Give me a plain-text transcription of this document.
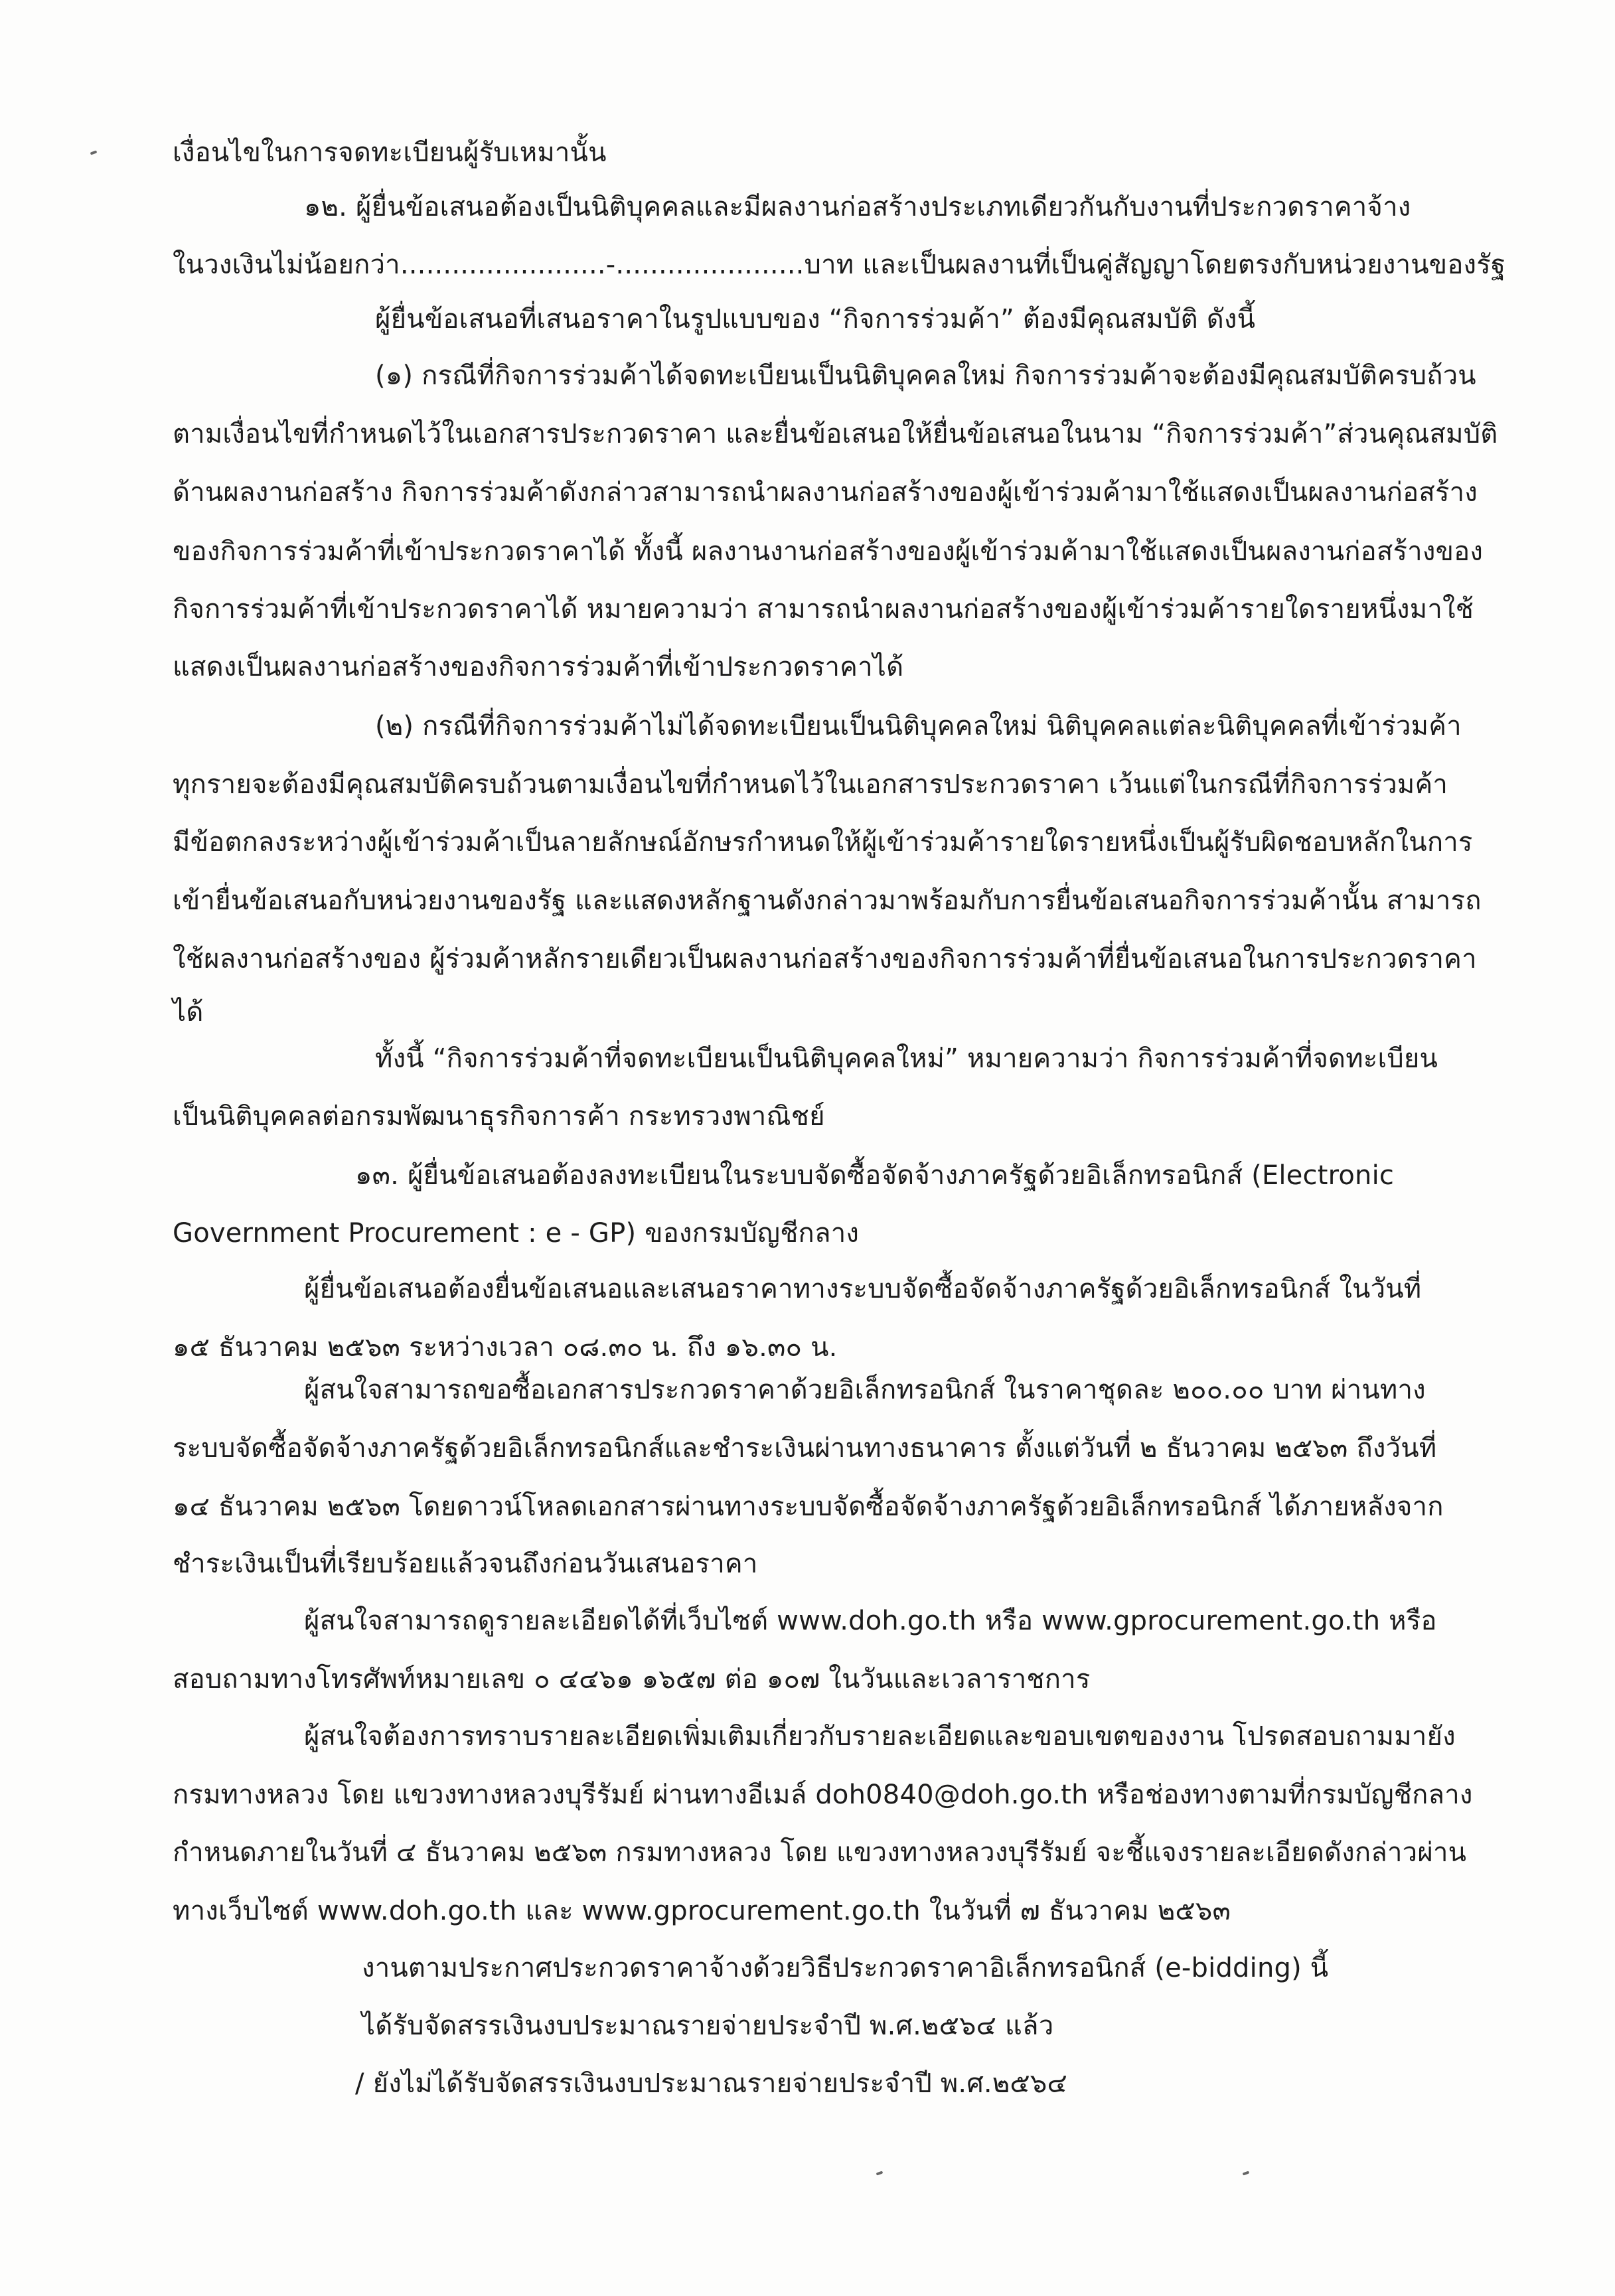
เงื่อนไขในการจดทะเบียนผู้รับเหมานั้น
๑๒. ผู้ยื่นข้อเสนอต้องเป็นนิติบุคคลและมีผลงานก่อสร้างประเภทเดียวกันกับงานที่ประกวดราคาจ้าง
ในวงเงินไม่น้อยกว่า........................-......................บาท และเป็นผลงานที่เป็นคู่สัญญาโดยตรงกับหน่วยงานของรัฐ
ผู้ยื่นข้อเสนอที่เสนอราคาในรูปแบบของ “กิจการร่วมค้า” ต้องมีคุณสมบัติ ดังนี้
(๑) กรณีที่กิจการร่วมค้าได้จดทะเบียนเป็นนิติบุคคลใหม่ กิจการร่วมค้าจะต้องมีคุณสมบัติครบถ้วน
ตามเงื่อนไขที่กำหนดไว้ในเอกสารประกวดราคา และยื่นข้อเสนอให้ยื่นข้อเสนอในนาม “กิจการร่วมค้า”ส่วนคุณสมบัติ
ด้านผลงานก่อสร้าง กิจการร่วมค้าดังกล่าวสามารถนำผลงานก่อสร้างของผู้เข้าร่วมค้ามาใช้แสดงเป็นผลงานก่อสร้าง
ของกิจการร่วมค้าที่เข้าประกวดราคาได้ ทั้งนี้ ผลงานงานก่อสร้างของผู้เข้าร่วมค้ามาใช้แสดงเป็นผลงานก่อสร้างของ
กิจการร่วมค้าที่เข้าประกวดราคาได้ หมายความว่า สามารถนำผลงานก่อสร้างของผู้เข้าร่วมค้ารายใดรายหนึ่งมาใช้
แสดงเป็นผลงานก่อสร้างของกิจการร่วมค้าที่เข้าประกวดราคาได้
(๒) กรณีที่กิจการร่วมค้าไม่ได้จดทะเบียนเป็นนิติบุคคลใหม่ นิติบุคคลแต่ละนิติบุคคลที่เข้าร่วมค้า
ทุกรายจะต้องมีคุณสมบัติครบถ้วนตามเงื่อนไขที่กำหนดไว้ในเอกสารประกวดราคา เว้นแต่ในกรณีที่กิจการร่วมค้า
มีข้อตกลงระหว่างผู้เข้าร่วมค้าเป็นลายลักษณ์อักษรกำหนดให้ผู้เข้าร่วมค้ารายใดรายหนึ่งเป็นผู้รับผิดชอบหลักในการ
เข้ายื่นข้อเสนอกับหน่วยงานของรัฐ และแสดงหลักฐานดังกล่าวมาพร้อมกับการยื่นข้อเสนอกิจการร่วมค้านั้น สามารถ
ใช้ผลงานก่อสร้างของ ผู้ร่วมค้าหลักรายเดียวเป็นผลงานก่อสร้างของกิจการร่วมค้าที่ยื่นข้อเสนอในการประกวดราคา
ได้
ทั้งนี้ “กิจการร่วมค้าที่จดทะเบียนเป็นนิติบุคคลใหม่” หมายความว่า กิจการร่วมค้าที่จดทะเบียน
เป็นนิติบุคคลต่อกรมพัฒนาธุรกิจการค้า กระทรวงพาณิชย์
๑๓. ผู้ยื่นข้อเสนอต้องลงทะเบียนในระบบจัดซื้อจัดจ้างภาครัฐด้วยอิเล็กทรอนิกส์ (Electronic
Government Procurement : e - GP) ของกรมบัญชีกลาง
ผู้ยื่นข้อเสนอต้องยื่นข้อเสนอและเสนอราคาทางระบบจัดซื้อจัดจ้างภาครัฐด้วยอิเล็กทรอนิกส์ ในวันที่
๑๕ ธันวาคม ๒๕๖๓ ระหว่างเวลา ๐๘.๓๐ น. ถึง ๑๖.๓๐ น.
ผู้สนใจสามารถขอซื้อเอกสารประกวดราคาด้วยอิเล็กทรอนิกส์ ในราคาชุดละ ๒๐๐.๐๐ บาท ผ่านทาง
ระบบจัดซื้อจัดจ้างภาครัฐด้วยอิเล็กทรอนิกส์และชำระเงินผ่านทางธนาคาร ตั้งแต่วันที่ ๒ ธันวาคม ๒๕๖๓ ถึงวันที่
๑๔ ธันวาคม ๒๕๖๓ โดยดาวน์โหลดเอกสารผ่านทางระบบจัดซื้อจัดจ้างภาครัฐด้วยอิเล็กทรอนิกส์ ได้ภายหลังจาก
ชำระเงินเป็นที่เรียบร้อยแล้วจนถึงก่อนวันเสนอราคา
ผู้สนใจสามารถดูรายละเอียดได้ที่เว็บไซต์ www.doh.go.th หรือ www.gprocurement.go.th หรือ
สอบถามทางโทรศัพท์หมายเลข ๐ ๔๔๖๑ ๑๖๕๗ ต่อ ๑๐๗ ในวันและเวลาราชการ
ผู้สนใจต้องการทราบรายละเอียดเพิ่มเติมเกี่ยวกับรายละเอียดและขอบเขตของงาน โปรดสอบถามมายัง
กรมทางหลวง โดย แขวงทางหลวงบุรีรัมย์ ผ่านทางอีเมล์ doh0840@doh.go.th หรือช่องทางตามที่กรมบัญชีกลาง
กำหนดภายในวันที่ ๔ ธันวาคม ๒๕๖๓ กรมทางหลวง โดย แขวงทางหลวงบุรีรัมย์ จะชี้แจงรายละเอียดดังกล่าวผ่าน
ทางเว็บไซต์ www.doh.go.th และ www.gprocurement.go.th ในวันที่ ๗ ธันวาคม ๒๕๖๓
งานตามประกาศประกวดราคาจ้างด้วยวิธีประกวดราคาอิเล็กทรอนิกส์ (e-bidding) นี้
ได้รับจัดสรรเงินงบประมาณรายจ่ายประจำปี พ.ศ.๒๕๖๔ แล้ว
/ ยังไม่ได้รับจัดสรรเงินงบประมาณรายจ่ายประจำปี พ.ศ.๒๕๖๔
